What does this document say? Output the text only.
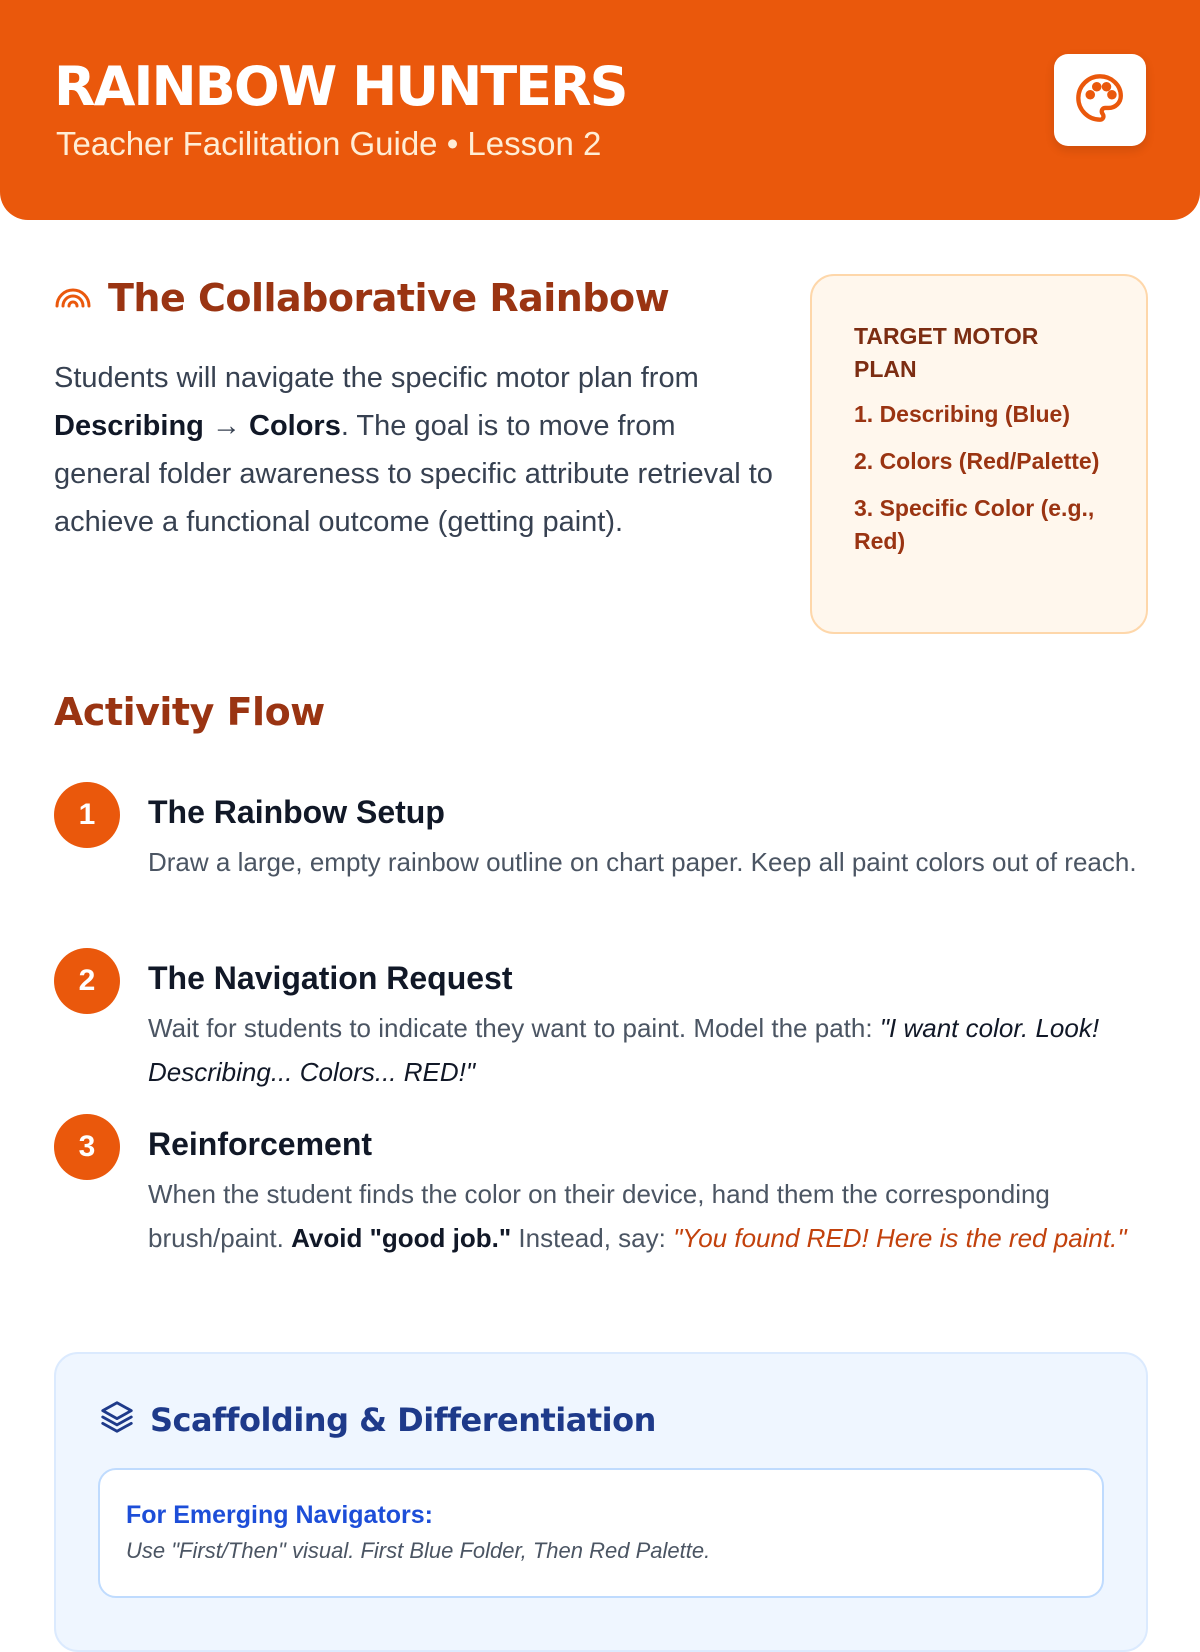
RAINBOW HUNTERS
Teacher Facilitation Guide • Lesson 2
The Collaborative Rainbow
Students will navigate the specific motor plan from Describing → Colors. The goal is to move from general folder awareness to specific attribute retrieval to achieve a functional outcome (getting paint).
TARGET MOTOR PLAN
1. Describing (Blue)
2. Colors (Red/Palette)
3. Specific Color (e.g., Red)
Activity Flow
1	The Rainbow Setup
Draw a large, empty rainbow outline on chart paper. Keep all paint colors out of reach.
2	The Navigation Request
Wait for students to indicate they want to paint. Model the path: "I want color. Look! Describing... Colors... RED!"
3	Reinforcement
When the student finds the color on their device, hand them the corresponding brush/paint. Avoid "good job." Instead, say: "You found RED! Here is the red paint."
Scaffolding & Differentiation
For Emerging Navigators:
Use "First/Then" visual. First Blue Folder, Then Red Palette.
